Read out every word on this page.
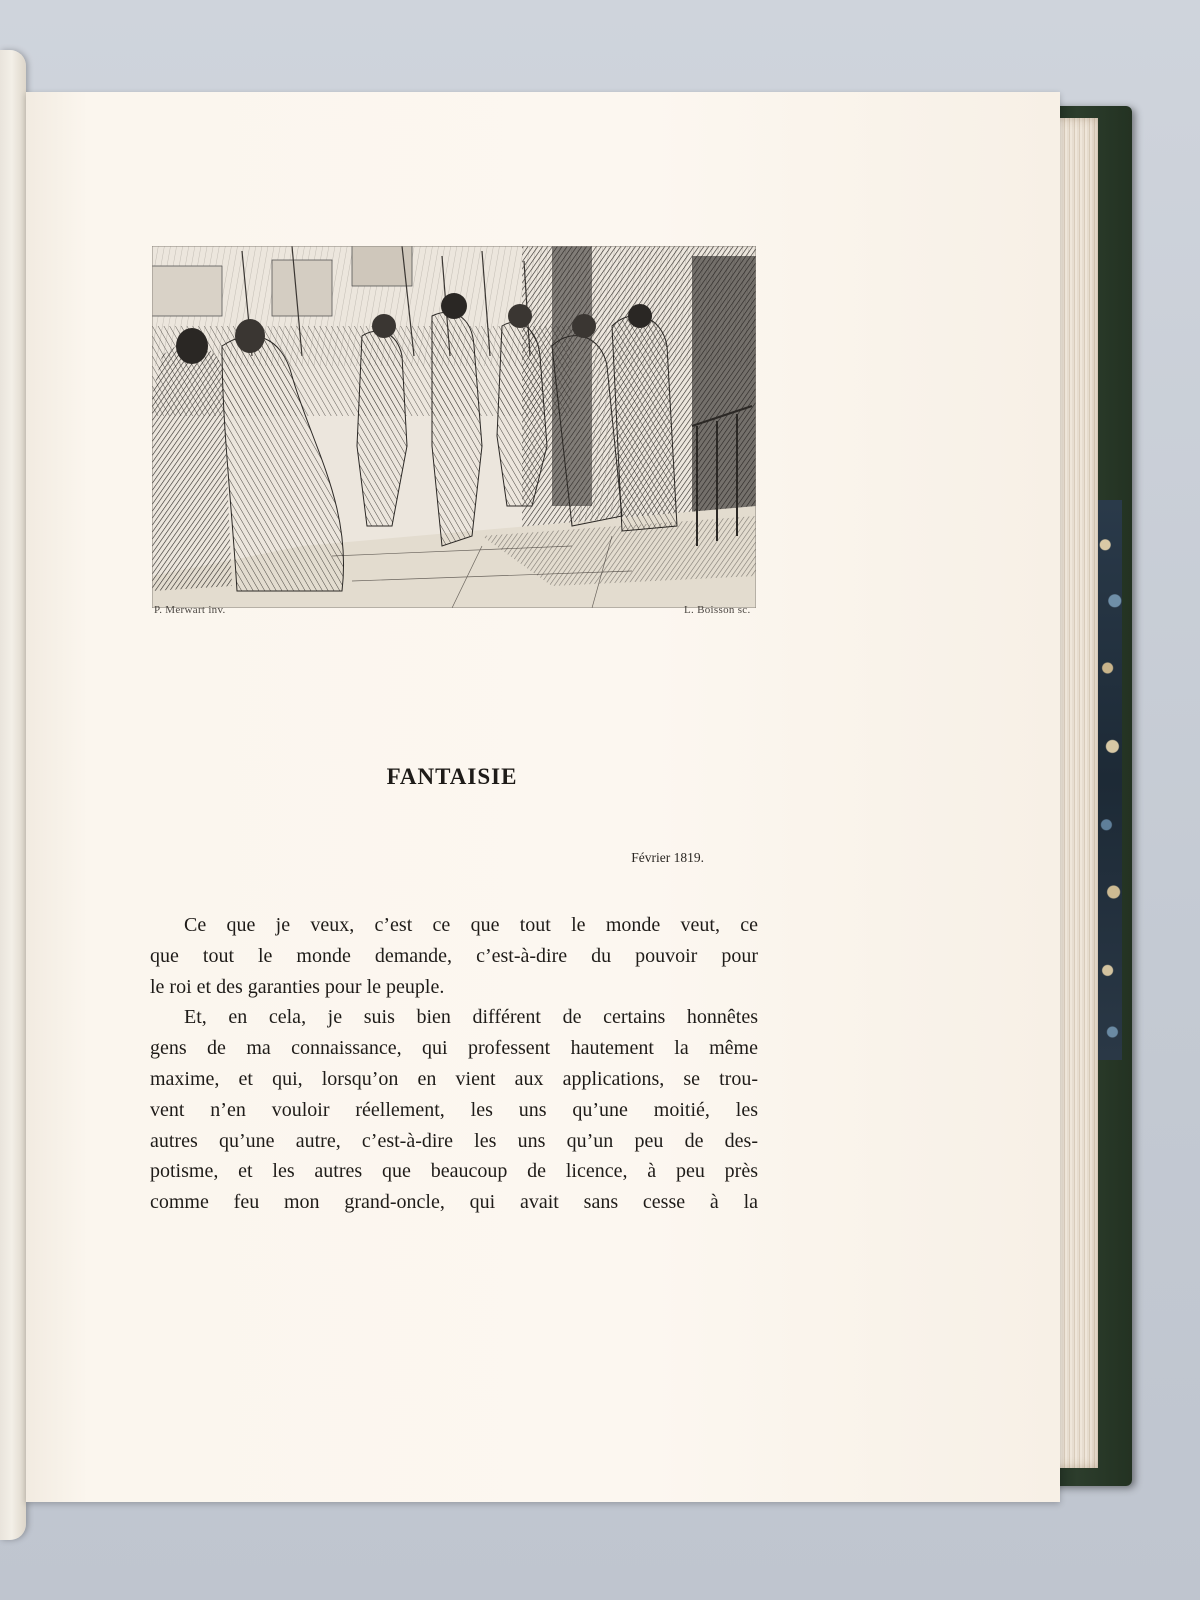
P. Merwart inv.	L. Boisson sc.
FANTAISIE
Février 1819.
Ce que je veux, c’est ce que tout le monde veut, ce
que tout le monde demande, c’est-à-dire du pouvoir pour
le roi et des garanties pour le peuple.
Et, en cela, je suis bien différent de certains honnêtes
gens de ma connaissance, qui professent hautement la même
maxime, et qui, lorsqu’on en vient aux applications, se trou-
vent n’en vouloir réellement, les uns qu’une moitié, les
autres qu’une autre, c’est-à-dire les uns qu’un peu de des-
potisme, et les autres que beaucoup de licence, à peu près
comme feu mon grand-oncle, qui avait sans cesse à la
